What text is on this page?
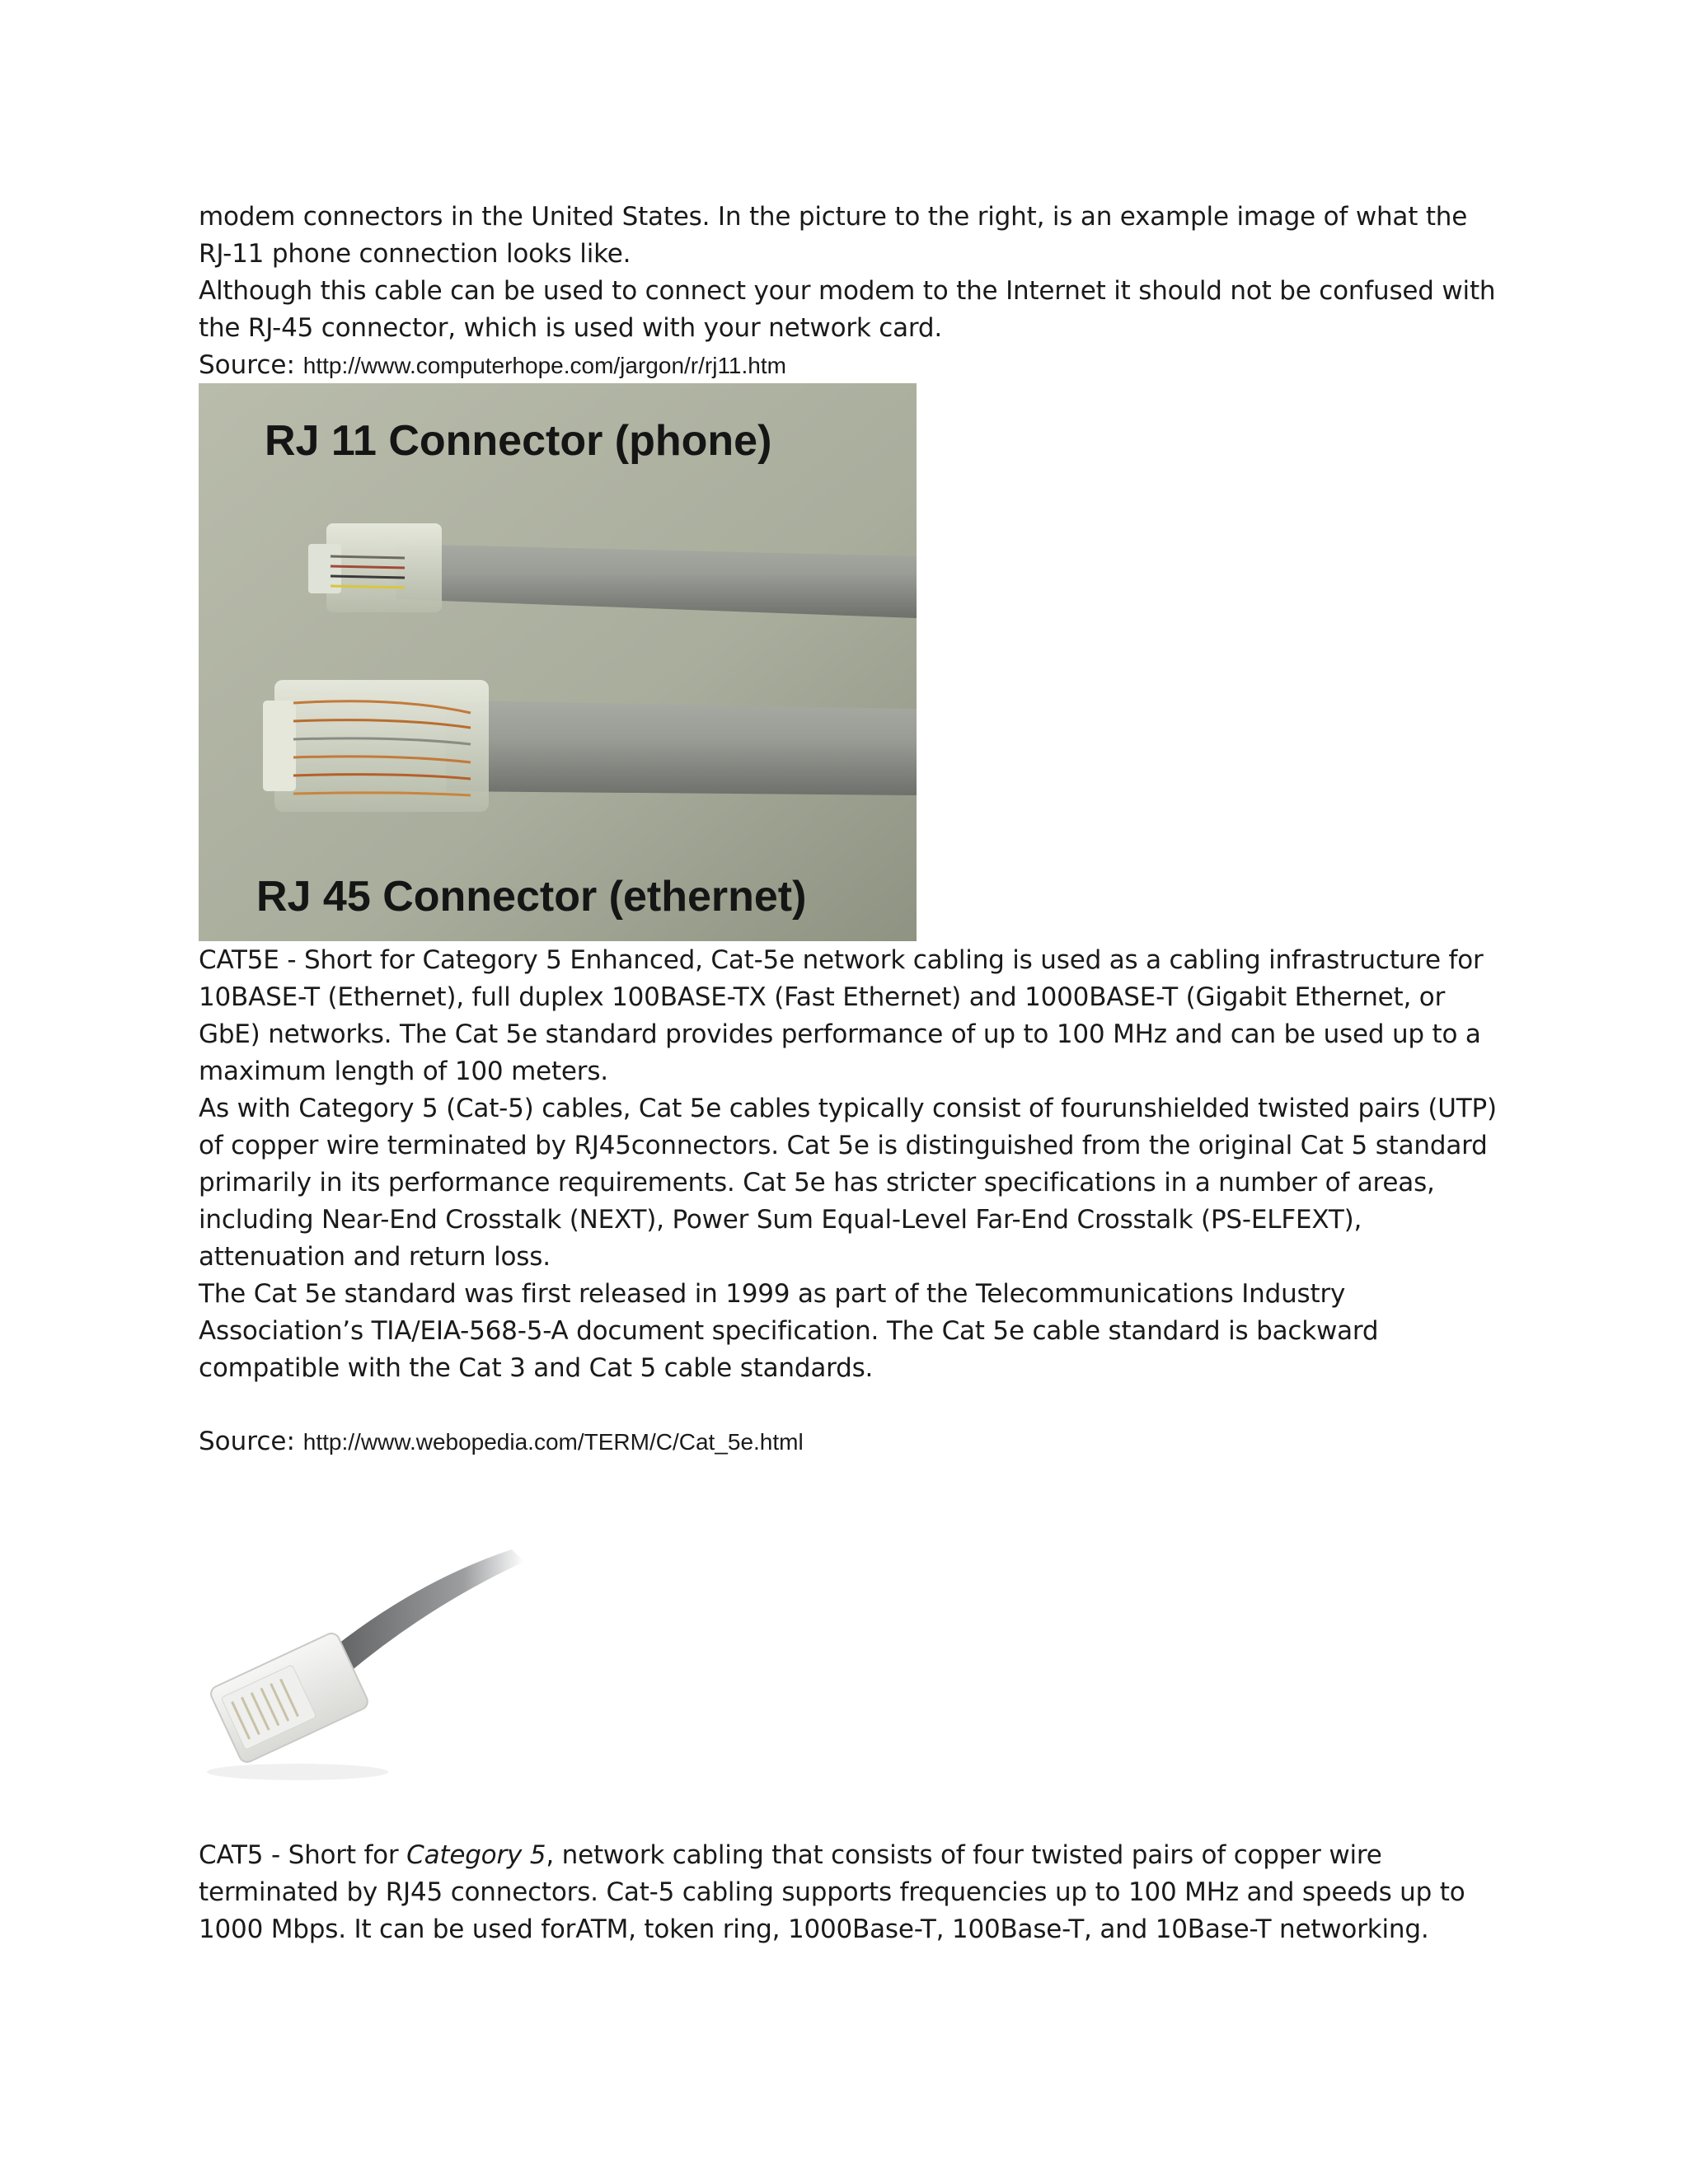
modem connectors in the United States. In the picture to the right, is an example image of what the RJ-11 phone connection looks like.

Although this cable can be used to connect your modem to the Internet it should not be confused with the RJ-45 connector, which is used with your network card.

Source: http://www.computerhope.com/jargon/r/rj11.htm
RJ 11 Connector (phone)
RJ 45 Connector (ethernet)

CAT5E - Short for Category 5 Enhanced, Cat-5e network cabling is used as a cabling infrastructure for 10BASE-T (Ethernet), full duplex 100BASE-TX (Fast Ethernet) and 1000BASE-T (Gigabit Ethernet, or GbE) networks. The Cat 5e standard provides performance of up to 100 MHz and can be used up to a maximum length of 100 meters.

As with Category 5 (Cat-5) cables, Cat 5e cables typically consist of fourunshielded twisted pairs (UTP) of copper wire terminated by RJ45connectors. Cat 5e is distinguished from the original Cat 5 standard primarily in its performance requirements. Cat 5e has stricter specifications in a number of areas, including Near-End Crosstalk (NEXT), Power Sum Equal-Level Far-End Crosstalk (PS-ELFEXT), attenuation and return loss.

The Cat 5e standard was first released in 1999 as part of the Telecommunications Industry Association’s TIA/EIA-568-5-A document specification. The Cat 5e cable standard is backward compatible with the Cat 3 and Cat 5 cable standards.

Source: http://www.webopedia.com/TERM/C/Cat_5e.html

CAT5 - Short for Category 5, network cabling that consists of four twisted pairs of copper wire terminated by RJ45 connectors. Cat-5 cabling supports frequencies up to 100 MHz and speeds up to 1000 Mbps. It can be used forATM, token ring, 1000Base-T, 100Base-T, and 10Base-T networking.
